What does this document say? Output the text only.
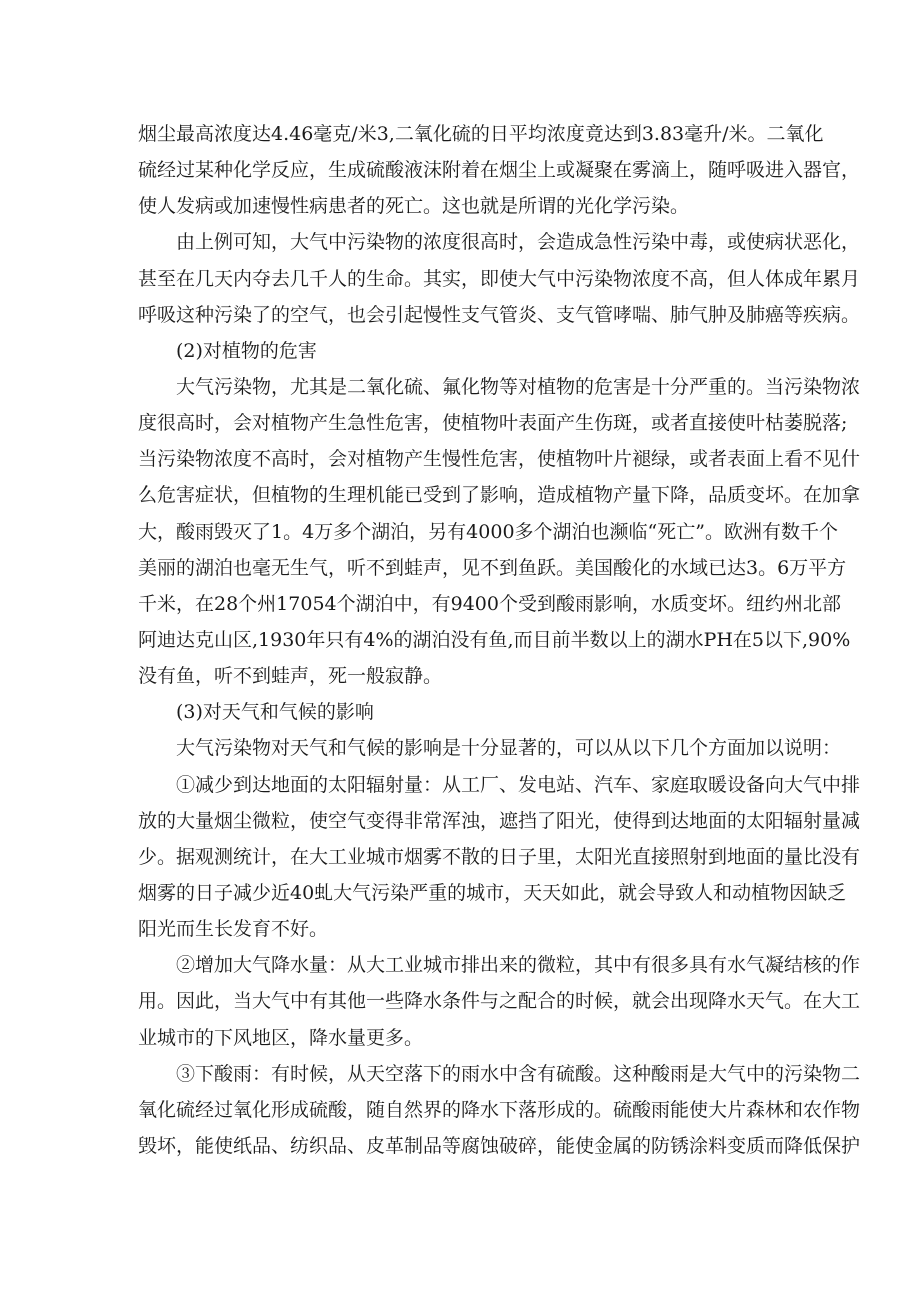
烟尘最高浓度达4.46毫克/米3,二氧化硫的日平均浓度竟达到3.83毫升/米。二氧化
硫经过某种化学反应，生成硫酸液沫附着在烟尘上或凝聚在雾滴上，随呼吸进入器官，
使人发病或加速慢性病患者的死亡。这也就是所谓的光化学污染。
由上例可知，大气中污染物的浓度很高时，会造成急性污染中毒，或使病状恶化，
甚至在几天内夺去几千人的生命。其实，即使大气中污染物浓度不高，但人体成年累月
呼吸这种污染了的空气，也会引起慢性支气管炎、支气管哮喘、肺气肿及肺癌等疾病。
(2)对植物的危害
大气污染物，尤其是二氧化硫、氟化物等对植物的危害是十分严重的。当污染物浓
度很高时，会对植物产生急性危害，使植物叶表面产生伤斑，或者直接使叶枯萎脱落;
当污染物浓度不高时，会对植物产生慢性危害，使植物叶片褪绿，或者表面上看不见什
么危害症状，但植物的生理机能已受到了影响，造成植物产量下降，品质变坏。在加拿
大，酸雨毁灭了1。4万多个湖泊，另有4000多个湖泊也濒临“死亡”。欧洲有数千个
美丽的湖泊也毫无生气，听不到蛙声，见不到鱼跃。美国酸化的水域已达3。6万平方
千米，在28个州17054个湖泊中，有9400个受到酸雨影响，水质变坏。纽约州北部
阿迪达克山区,1930年只有4%的湖泊没有鱼,而目前半数以上的湖水PH在5以下,90%
没有鱼，听不到蛙声，死一般寂静。
(3)对天气和气候的影响
大气污染物对天气和气候的影响是十分显著的，可以从以下几个方面加以说明：
①减少到达地面的太阳辐射量：从工厂、发电站、汽车、家庭取暖设备向大气中排
放的大量烟尘微粒，使空气变得非常浑浊，遮挡了阳光，使得到达地面的太阳辐射量减
少。据观测统计，在大工业城市烟雾不散的日子里，太阳光直接照射到地面的量比没有
烟雾的日子减少近40虬大气污染严重的城市，天天如此，就会导致人和动植物因缺乏
阳光而生长发育不好。
②增加大气降水量：从大工业城市排出来的微粒，其中有很多具有水气凝结核的作
用。因此，当大气中有其他一些降水条件与之配合的时候，就会出现降水天气。在大工
业城市的下风地区，降水量更多。
③下酸雨：有时候，从天空落下的雨水中含有硫酸。这种酸雨是大气中的污染物二
氧化硫经过氧化形成硫酸，随自然界的降水下落形成的。硫酸雨能使大片森林和农作物
毁坏，能使纸品、纺织品、皮革制品等腐蚀破碎，能使金属的防锈涂料变质而降低保护
